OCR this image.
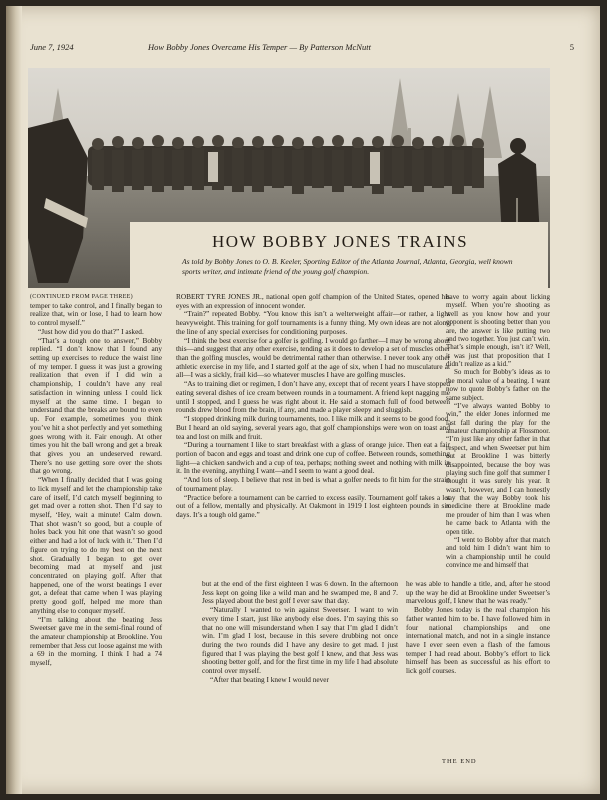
June 7, 1924	How Bobby Jones Overcame His Temper — By Patterson McNutt	5
HOW BOBBY JONES TRAINS
As told by Bobby Jones to O. B. Keeler, Sporting Editor of the Atlanta Journal, Atlanta, Georgia, well known sports writer, and intimate friend of the young golf champion.

(CONTINUED FROM PAGE THREE)

temper to take control, and I finally began to realize that, win or lose, I had to learn how to control myself.”

“Just how did you do that?” I asked.

“That’s a tough one to answer,” Bobby replied. “I don’t know that I found any setting up exercises to reduce the waist line of my temper. I guess it was just a growing realization that even if I did win a championship, I couldn’t have any real satisfaction in winning unless I could lick myself at the same time. I began to understand that the breaks are bound to even up. For example, sometimes you think you’ve hit a shot perfectly and yet something goes wrong with it. Fair enough. At other times you hit the ball wrong and get a break that gives you an undeserved reward. There’s no use getting sore over the shots that go wrong.

“When I finally decided that I was going to lick myself and let the championship take care of itself, I’d catch myself beginning to get mad over a rotten shot. Then I’d say to myself, ‘Hey, wait a minute! Calm down. That shot wasn’t so good, but a couple of holes back you hit one that wasn’t so good either and had a lot of luck with it.’ Then I’d figure on trying to do my best on the next shot. Gradually I began to get over becoming mad at myself and just concentrated on playing golf. After that happened, one of the worst beatings I ever got, a defeat that came when I was playing pretty good golf, helped me more than anything else to conquer myself.

“I’m talking about the beating Jess Sweetser gave me in the semi-final round of the amateur championship at Brookline. You remember that Jess cut loose against me with a 69 in the morning. I think I had a 74 myself,

ROBERT TYRE JONES JR., national open golf champion of the United States, opened his eyes with an expression of innocent wonder.

“Train?” repeated Bobby. “You know this isn’t a welterweight affair—or rather, a light heavyweight. This training for golf tournaments is a funny thing. My own ideas are not along the line of any special exercises for conditioning purposes.

“I think the best exercise for a golfer is golfing. I would go farther—I may be wrong about this—and suggest that any other exercise, tending as it does to develop a set of muscles other than the golfing muscles, would be detrimental rather than otherwise. I never took any other athletic exercise in my life, and I started golf at the age of six, when I had no musculature at all—I was a sickly, frail kid—so whatever muscles I have are golfing muscles.

“As to training diet or regimen, I don’t have any, except that of recent years I have stopped eating several dishes of ice cream between rounds in a tournament. A friend kept nagging me until I stopped, and I guess he was right about it. He said a stomach full of food between rounds drew blood from the brain, if any, and made a player sleepy and sluggish.

“I stopped drinking milk during tournaments, too. I like milk and it seems to be good food. But I heard an old saying, several years ago, that golf championships were won on toast and tea and lost on milk and fruit.

“During a tournament I like to start breakfast with a glass of orange juice. Then eat a fair portion of bacon and eggs and toast and drink one cup of coffee. Between rounds, something light—a chicken sandwich and a cup of tea, perhaps; nothing sweet and nothing with milk in it. In the evening, anything I want—and I seem to want a good deal.

“And lots of sleep. I believe that rest in bed is what a golfer needs to fit him for the strain of tournament play.

“Practice before a tournament can be carried to excess easily. Tournament golf takes a lot out of a fellow, mentally and physically. At Oakmont in 1919 I lost eighteen pounds in six days. It’s a tough old game.”

have to worry again about licking myself. When you’re shooting as well as you know how and your opponent is shooting better than you are, the answer is like putting two and two together. You just can’t win. That’s simple enough, isn’t it? Well, it was just that proposition that I didn’t realize as a kid.”

So much for Bobby’s ideas as to the moral value of a beating. I want now to quote Bobby’s father on the same subject.

“I’ve always wanted Bobby to win,” the elder Jones informed me last fall during the play for the amateur championship at Flossmoor. “I’m just like any other father in that respect, and when Sweetser put him out at Brookline I was bitterly disappointed, because the boy was playing such fine golf that summer I thought it was surely his year. It wasn’t, however, and I can honestly say that the way Bobby took his medicine there at Brookline made me prouder of him than I was when he came back to Atlanta with the open title.

“I went to Bobby after that match and told him I didn’t want him to win a championship until he could convince me and himself that

but at the end of the first eighteen I was 6 down. In the afternoon Jess kept on going like a wild man and he swamped me, 8 and 7. Jess played about the best golf I ever saw that day.

“Naturally I wanted to win against Sweetser. I want to win every time I start, just like anybody else does. I’m saying this so that no one will misunderstand when I say that I’m glad I didn’t win. I’m glad I lost, because in this severe drubbing not once during the two rounds did I have any desire to get mad. I just figured that I was playing the best golf I knew, and that Jess was shooting better golf, and for the first time in my life I had absolute control over myself.

“After that beating I knew I would never

he was able to handle a title, and, after he stood up the way he did at Brookline under Sweetser’s marvelous golf, I knew that he was ready.”

Bobby Jones today is the real champion his father wanted him to be. I have followed him in four national championships and one international match, and not in a single instance have I ever seen even a flash of the famous temper I had read about. Bobby’s effort to lick himself has been as successful as his effort to lick golf courses.

THE END
